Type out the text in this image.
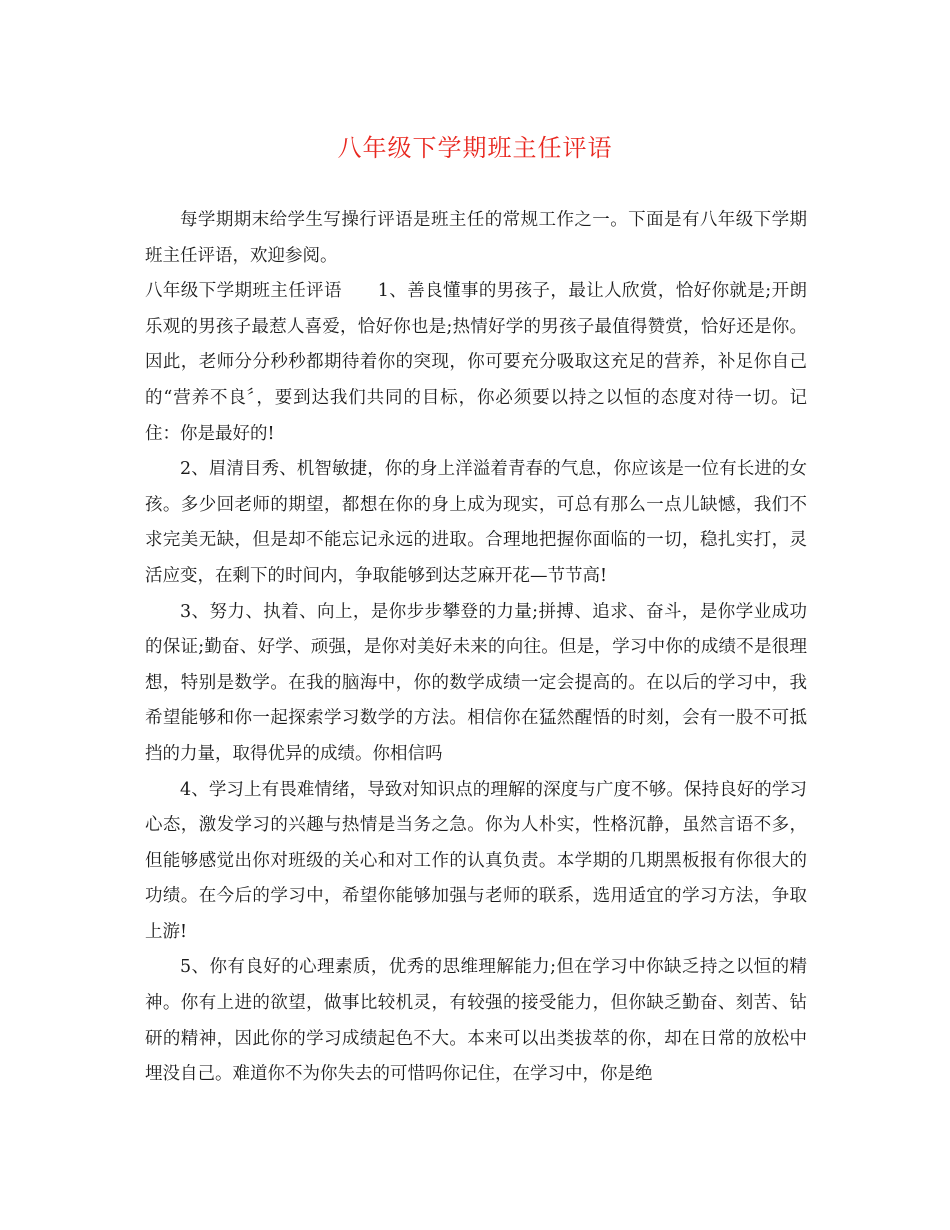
八年级下学期班主任评语

每学期期末给学生写操行评语是班主任的常规工作之一。下面是有八年级下学期班主任评语，欢迎参阅。

八年级下学期班主任评语　　1、善良懂事的男孩子，最让人欣赏，恰好你就是;开朗乐观的男孩子最惹人喜爱，恰好你也是;热情好学的男孩子最值得赞赏，恰好还是你。因此，老师分分秒秒都期待着你的突现，你可要充分吸取这充足的营养，补足你自己的“营养不良〞，要到达我们共同的目标，你必须要以持之以恒的态度对待一切。记住：你是最好的!

2、眉清目秀、机智敏捷，你的身上洋溢着青春的气息，你应该是一位有长进的女孩。多少回老师的期望，都想在你的身上成为现实，可总有那么一点儿缺憾，我们不求完美无缺，但是却不能忘记永远的进取。合理地把握你面临的一切，稳扎实打，灵活应变，在剩下的时间内，争取能够到达芝麻开花—节节高!

3、努力、执着、向上，是你步步攀登的力量;拼搏、追求、奋斗，是你学业成功的保证;勤奋、好学、顽强，是你对美好未来的向往。但是，学习中你的成绩不是很理想，特别是数学。在我的脑海中，你的数学成绩一定会提高的。在以后的学习中，我希望能够和你一起探索学习数学的方法。相信你在猛然醒悟的时刻，会有一股不可抵挡的力量，取得优异的成绩。你相信吗

4、学习上有畏难情绪，导致对知识点的理解的深度与广度不够。保持良好的学习心态，激发学习的兴趣与热情是当务之急。你为人朴实，性格沉静，虽然言语不多，但能够感觉出你对班级的关心和对工作的认真负责。本学期的几期黑板报有你很大的功绩。在今后的学习中，希望你能够加强与老师的联系，选用适宜的学习方法，争取上游!

5、你有良好的心理素质，优秀的思维理解能力;但在学习中你缺乏持之以恒的精神。你有上进的欲望，做事比较机灵，有较强的接受能力，但你缺乏勤奋、刻苦、钻研的精神，因此你的学习成绩起色不大。本来可以出类拔萃的你，却在日常的放松中埋没自己。难道你不为你失去的可惜吗你记住，在学习中，你是绝
